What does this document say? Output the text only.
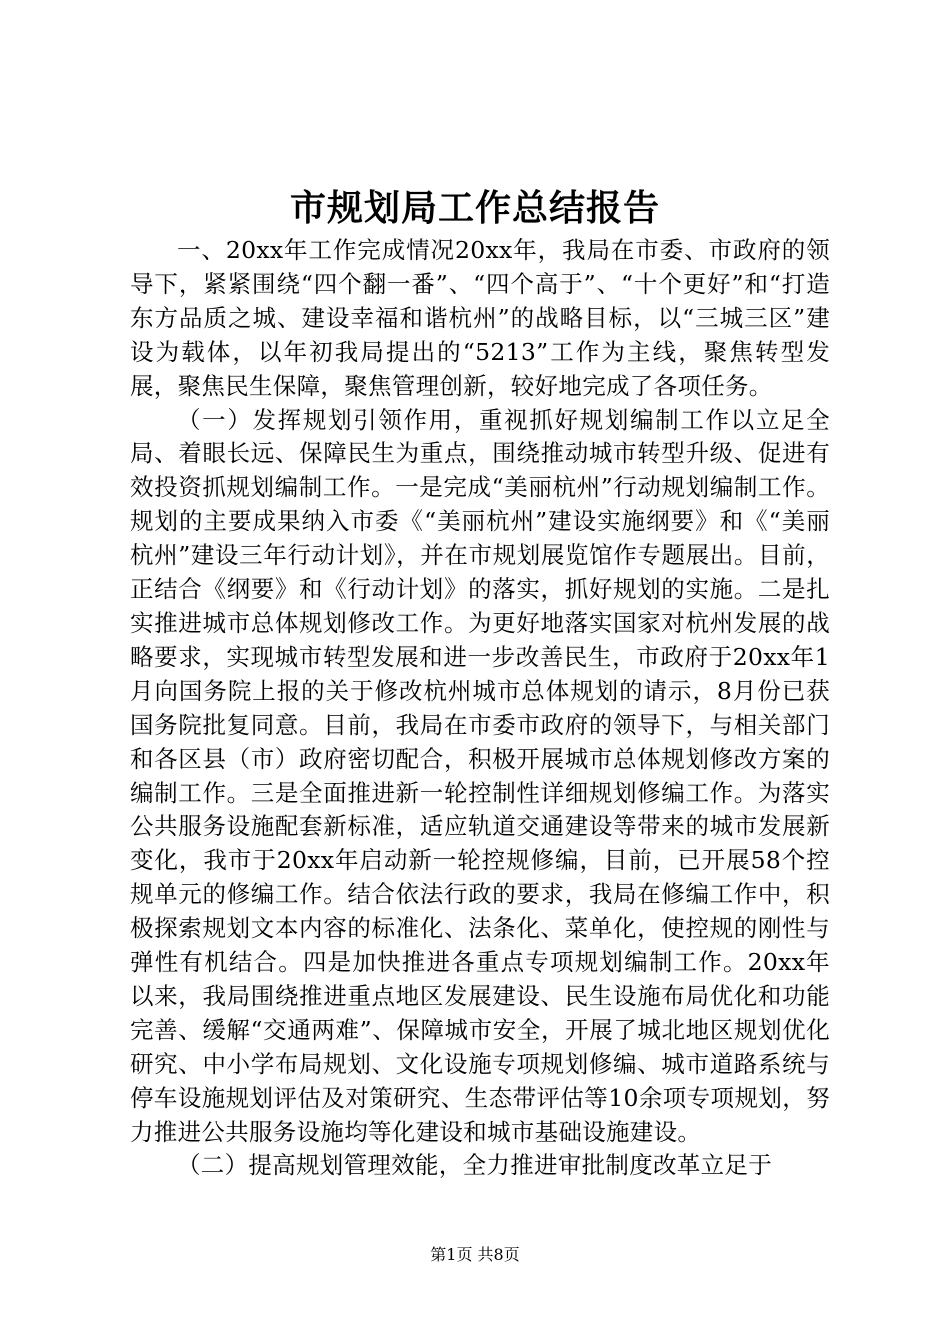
市规划局工作总结报告

一、20xx年工作完成情况20xx年，我局在市委、市政府的领导下，紧紧围绕“四个翻一番”、“四个高于”、“十个更好”和“打造东方品质之城、建设幸福和谐杭州”的战略目标，以“三城三区”建设为载体，以年初我局提出的“5213”工作为主线，聚焦转型发展，聚焦民生保障，聚焦管理创新，较好地完成了各项任务。

（一）发挥规划引领作用，重视抓好规划编制工作以立足全局、着眼长远、保障民生为重点，围绕推动城市转型升级、促进有效投资抓规划编制工作。一是完成“美丽杭州”行动规划编制工作。规划的主要成果纳入市委《“美丽杭州”建设实施纲要》和《“美丽杭州”建设三年行动计划》，并在市规划展览馆作专题展出。目前，正结合《纲要》和《行动计划》的落实，抓好规划的实施。二是扎实推进城市总体规划修改工作。为更好地落实国家对杭州发展的战略要求，实现城市转型发展和进一步改善民生，市政府于20xx年1月向国务院上报的关于修改杭州城市总体规划的请示，8月份已获国务院批复同意。目前，我局在市委市政府的领导下，与相关部门和各区县（市）政府密切配合，积极开展城市总体规划修改方案的编制工作。三是全面推进新一轮控制性详细规划修编工作。为落实公共服务设施配套新标准，适应轨道交通建设等带来的城市发展新变化，我市于20xx年启动新一轮控规修编，目前，已开展58个控规单元的修编工作。结合依法行政的要求，我局在修编工作中，积极探索规划文本内容的标准化、法条化、菜单化，使控规的刚性与弹性有机结合。四是加快推进各重点专项规划编制工作。20xx年以来，我局围绕推进重点地区发展建设、民生设施布局优化和功能完善、缓解“交通两难”、保障城市安全，开展了城北地区规划优化研究、中小学布局规划、文化设施专项规划修编、城市道路系统与停车设施规划评估及对策研究、生态带评估等10余项专项规划，努力推进公共服务设施均等化建设和城市基础设施建设。

（二）提高规划管理效能，全力推进审批制度改革立足于

第1页 共8页
